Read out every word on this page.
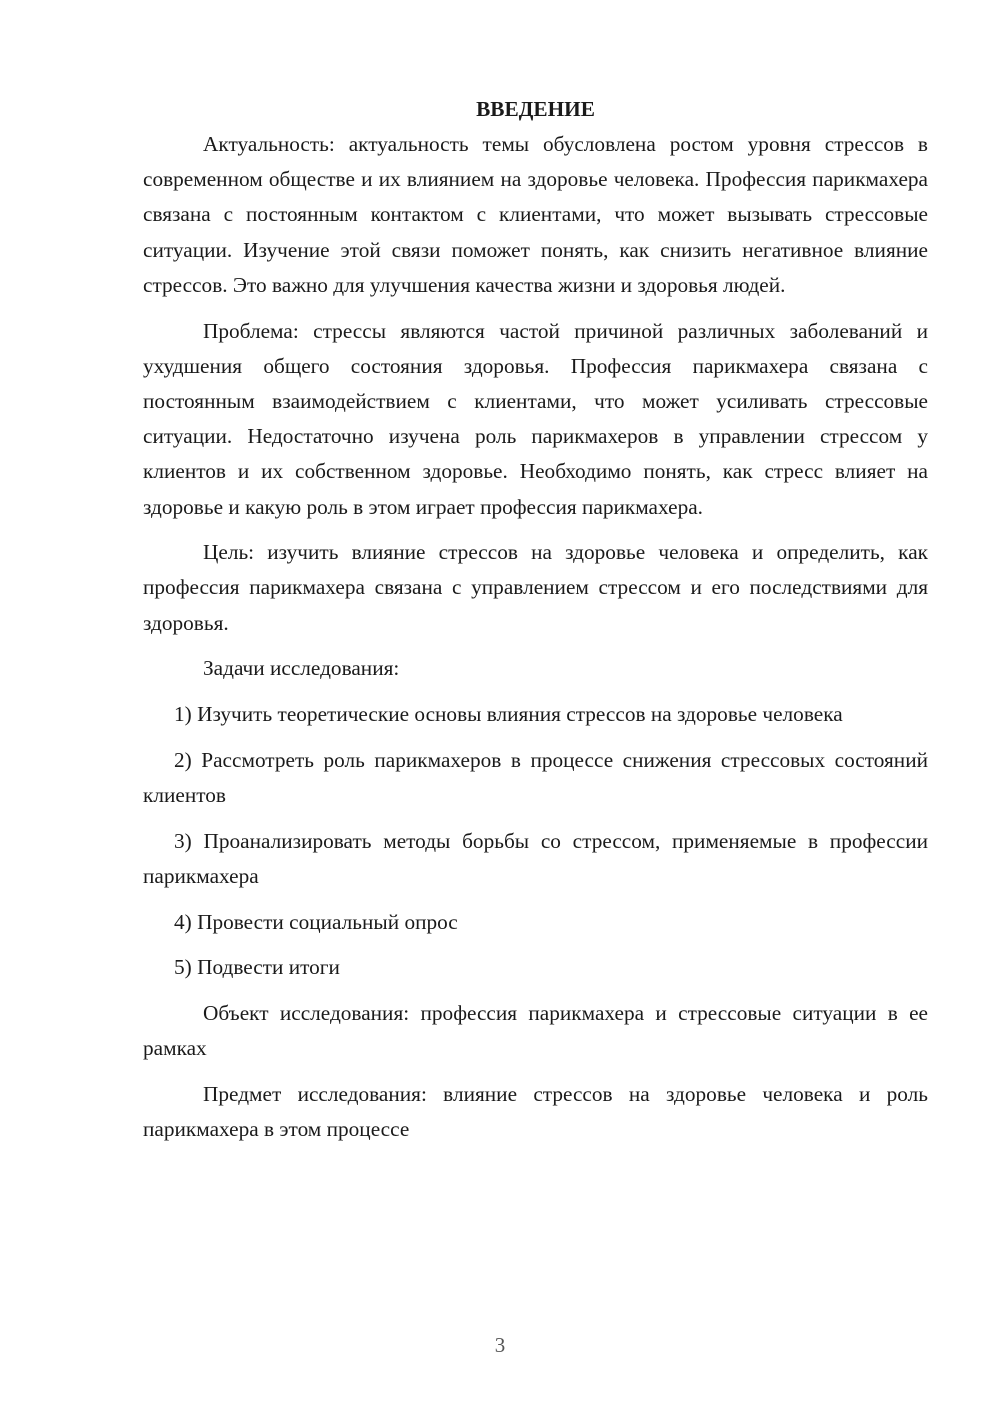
ВВЕДЕНИЕ

Актуальность: актуальность темы обусловлена ростом уровня стрессов в современном обществе и их влиянием на здоровье человека. Профессия парикмахера связана с постоянным контактом с клиентами, что может вызывать стрессовые ситуации. Изучение этой связи поможет понять, как снизить негативное влияние стрессов. Это важно для улучшения качества жизни и здоровья людей.

Проблема: стрессы являются частой причиной различных заболеваний и ухудшения общего состояния здоровья. Профессия парикмахера связана с постоянным взаимодействием с клиентами, что может усиливать стрессовые ситуации. Недостаточно изучена роль парикмахеров в управлении стрессом у клиентов и их собственном здоровье. Необходимо понять, как стресс влияет на здоровье и какую роль в этом играет профессия парикмахера.

Цель: изучить влияние стрессов на здоровье человека и определить, как профессия парикмахера связана с управлением стрессом и его последствиями для здоровья.

Задачи исследования:

1) Изучить теоретические основы влияния стрессов на здоровье человека

2) Рассмотреть роль парикмахеров в процессе снижения стрессовых состояний клиентов

3) Проанализировать методы борьбы со стрессом, применяемые в профессии парикмахера

4) Провести социальный опрос

5) Подвести итоги

Объект исследования: профессия парикмахера и стрессовые ситуации в ее рамках

Предмет исследования: влияние стрессов на здоровье человека и роль парикмахера в этом процессе

3
